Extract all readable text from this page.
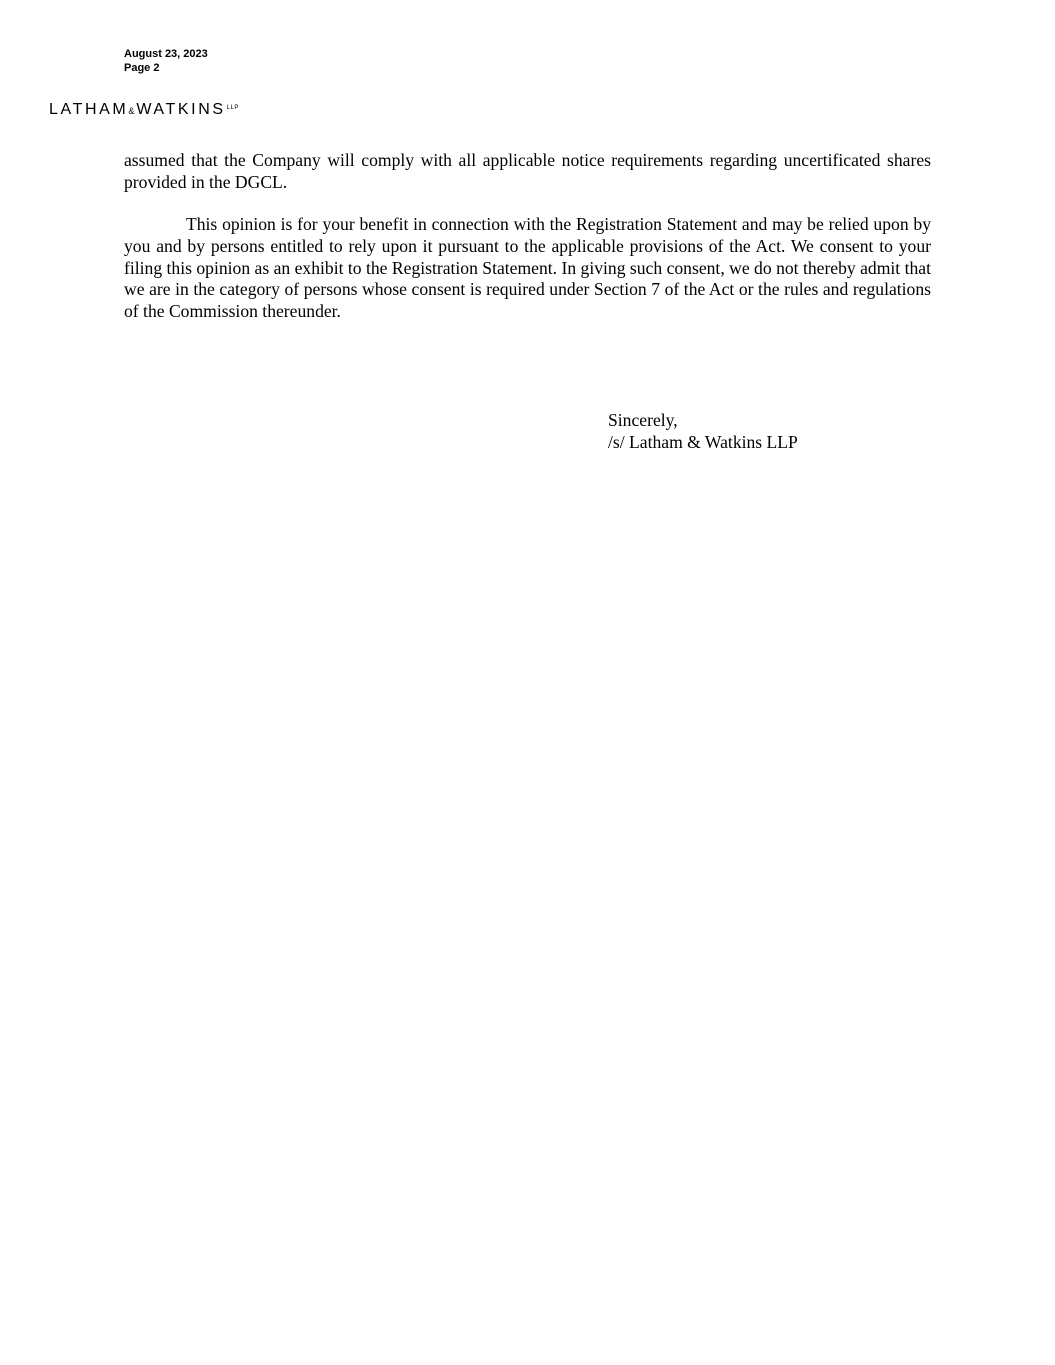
August 23, 2023
Page 2
LATHAM & WATKINS LLP

assumed that the Company will comply with all applicable notice requirements regarding uncertificated shares provided in the DGCL.

This opinion is for your benefit in connection with the Registration Statement and may be relied upon by you and by persons entitled to rely upon it pursuant to the applicable provisions of the Act. We consent to your filing this opinion as an exhibit to the Registration Statement. In giving such consent, we do not thereby admit that we are in the category of persons whose consent is required under Section 7 of the Act or the rules and regulations of the Commission thereunder.

Sincerely,
/s/ Latham & Watkins LLP
